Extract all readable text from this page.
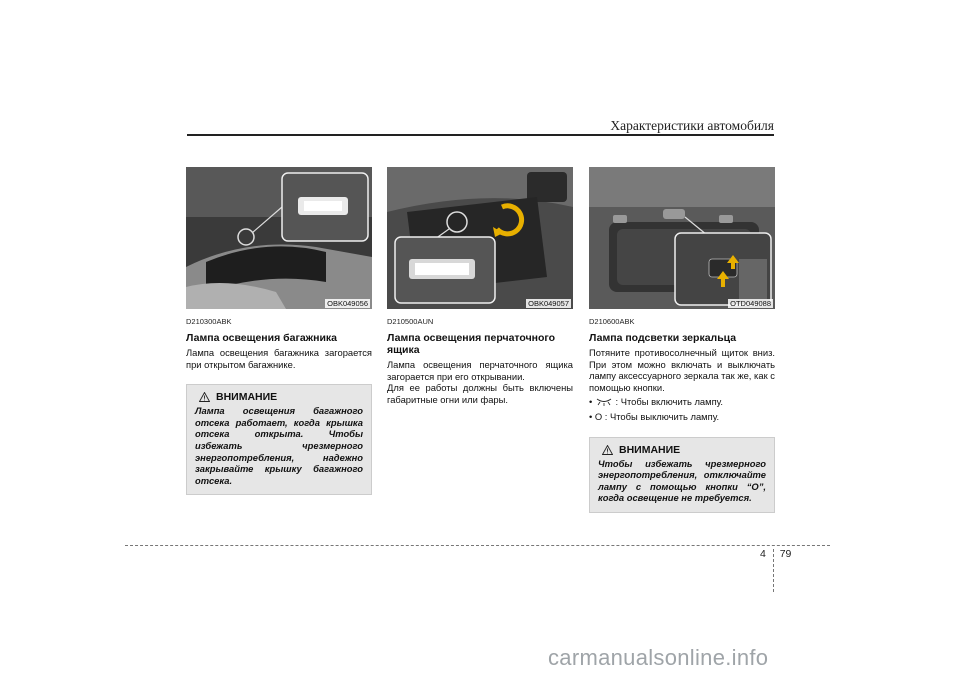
Характеристики автомобиля
OBK049056
D210300ABK
Лампа освещения багажника
Лампа освещения багажника загорается при открытом багажнике.
ВНИМАНИЕ
Лампа освещения багажного отсека работает, когда крышка отсека открыта. Чтобы избежать чрезмерного энергопотребления, надежно закрывайте крышку багажного отсека.
OBK049057
D210500AUN
Лампа освещения перчаточного ящика
Лампа освещения перчаточного ящика загорается при его открывании.
Для ее работы должны быть включены габаритные огни или фары.
OTD049088
D210600ABK
Лампа подсветки зеркальца
Потяните противосолнечный щиток вниз. При этом можно включать и выключать лампу аксессуарного зеркала так же, как с помощью кнопки.
•  : Чтобы включить лампу.
• O : Чтобы выключить лампу.
ВНИМАНИЕ
Чтобы избежать чрезмерного энергопотребления, отключайте лампу с помощью кнопки “O”, когда освещение не требуется.
4 79
carmanualsonline.info
